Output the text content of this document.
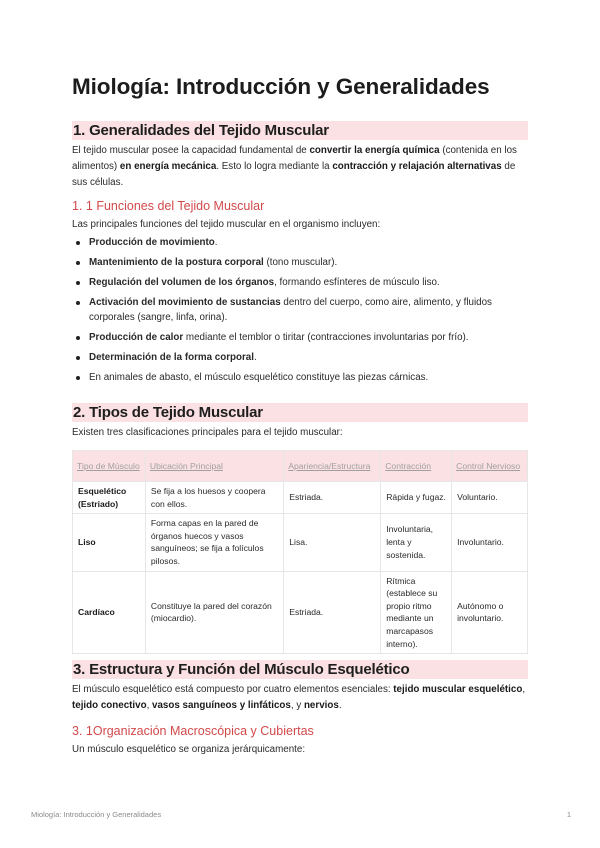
Miología: Introducción y Generalidades
1. Generalidades del Tejido Muscular

El tejido muscular posee la capacidad fundamental de convertir la energía química (contenida en los alimentos) en energía mecánica. Esto lo logra mediante la contracción y relajación alternativas de sus células.

1. 1 Funciones del Tejido Muscular

Las principales funciones del tejido muscular en el organismo incluyen:

Producción de movimiento.
Mantenimiento de la postura corporal (tono muscular).
Regulación del volumen de los órganos, formando esfínteres de músculo liso.
Activación del movimiento de sustancias dentro del cuerpo, como aire, alimento, y fluidos corporales (sangre, linfa, orina).
Producción de calor mediante el temblor o tiritar (contracciones involuntarias por frío).
Determinación de la forma corporal.
En animales de abasto, el músculo esquelético constituye las piezas cárnicas.
2. Tipos de Tejido Muscular

Existen tres clasificaciones principales para el tejido muscular:

Tipo de Músculo	Ubicación Principal	Apariencia/Estructura	Contracción	Control Nervioso
Esquelético (Estriado)	Se fija a los huesos y coopera con ellos.	Estriada.	Rápida y fugaz.	Voluntario.
Liso	Forma capas en la pared de órganos huecos y vasos sanguíneos; se fija a folículos pilosos.	Lisa.	Involuntaria, lenta y sostenida.	Involuntario.
Cardíaco	Constituye la pared del corazón (miocardio).	Estriada.	Rítmica (establece su propio ritmo mediante un marcapasos interno).	Autónomo o involuntario.
3. Estructura y Función del Músculo Esquelético

El músculo esquelético está compuesto por cuatro elementos esenciales: tejido muscular esquelético, tejido conectivo, vasos sanguíneos y linfáticos, y nervios.

3. 1Organización Macroscópica y Cubiertas

Un músculo esquelético se organiza jerárquicamente:

Miología: Introducción y Generalidades	1
